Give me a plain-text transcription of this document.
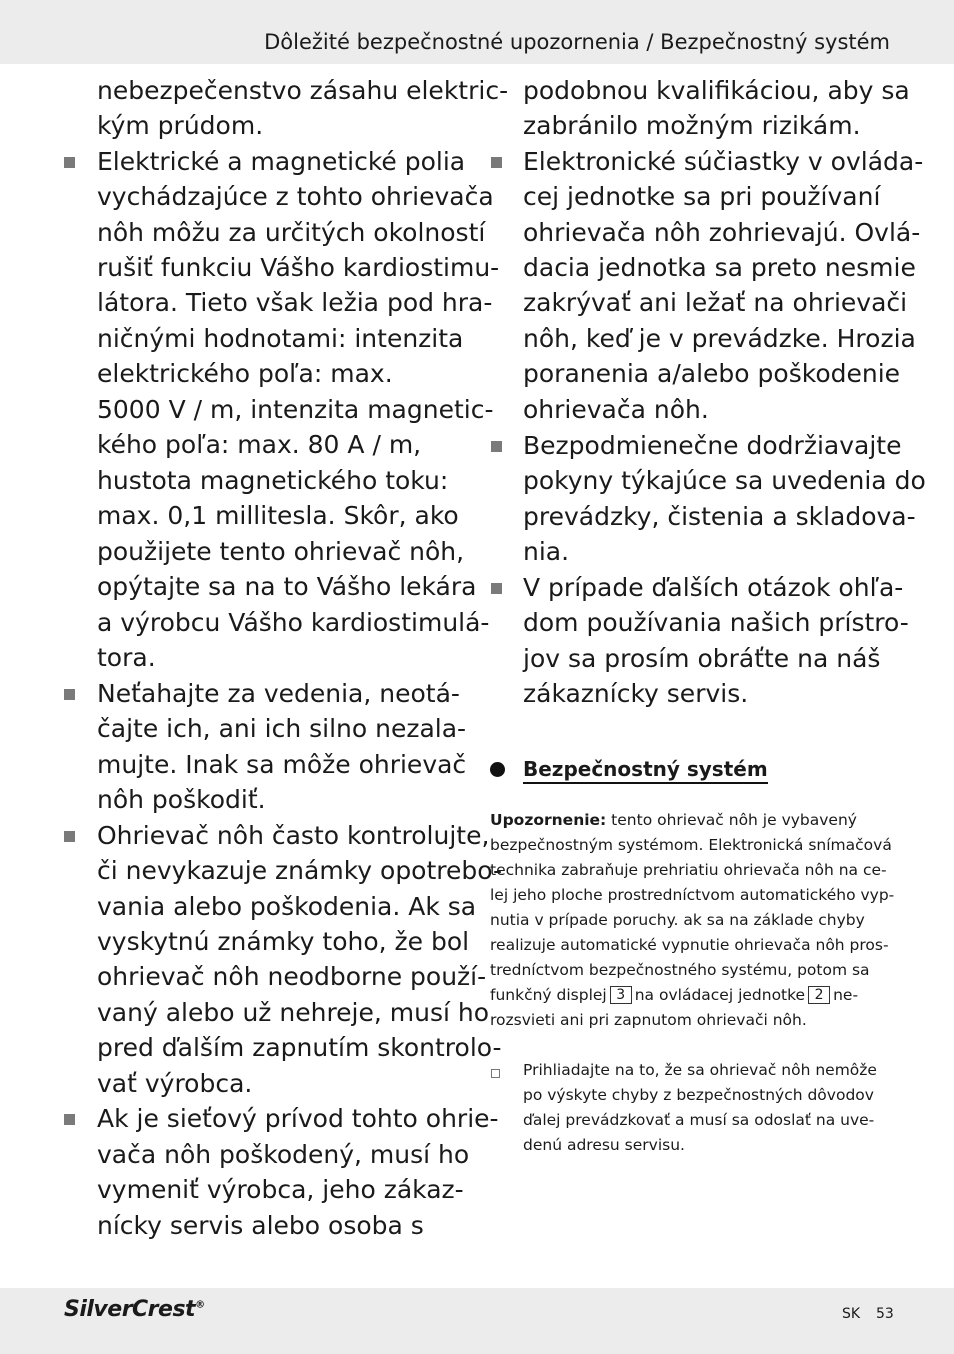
Dôležité bezpečnostné upozornenia / Bezpečnostný systém
nebezpečenstvo zásahu elektric-
kým prúdom.
Elektrické a magnetické polia
vychádzajúce z tohto ohrievača
nôh môžu za určitých okolností
rušiť funkciu Vášho kardiostimu-
látora. Tieto však ležia pod hra-
ničnými hodnotami: intenzita
elektrického poľa: max.
5000 V / m, intenzita magnetic-
kého poľa: max. 80 A / m,
hustota magnetického toku:
max. 0,1 millitesla. Skôr, ako
použijete tento ohrievač nôh,
opýtajte sa na to Vášho lekára
a výrobcu Vášho kardiostimulá-
tora.
Neťahajte za vedenia, neotá-
čajte ich, ani ich silno nezala-
mujte. Inak sa môže ohrievač
nôh poškodiť.
Ohrievač nôh často kontrolujte,
či nevykazuje známky opotrebo-
vania alebo poškodenia. Ak sa
vyskytnú známky toho, že bol
ohrievač nôh neodborne použí-
vaný alebo už nehreje, musí ho
pred ďalším zapnutím skontrolo-
vať výrobca.
Ak je sieťový prívod tohto ohrie-
vača nôh poškodený, musí ho
vymeniť výrobca, jeho zákaz-
nícky servis alebo osoba s
podobnou kvalifikáciou, aby sa
zabránilo možným rizikám.
Elektronické súčiastky v ovláda-
cej jednotke sa pri používaní
ohrievača nôh zohrievajú. Ovlá-
dacia jednotka sa preto nesmie
zakrývať ani ležať na ohrievači
nôh, keď je v prevádzke. Hrozia
poranenia a/alebo poškodenie
ohrievača nôh.
Bezpodmienečne dodržiavajte
pokyny týkajúce sa uvedenia do
prevádzky, čistenia a skladova-
nia.
V prípade ďalších otázok ohľa-
dom používania našich prístro-
jov sa prosím obráťte na náš
zákaznícky servis.
Bezpečnostný systém
Upozornenie: tento ohrievač nôh je vybavený
bezpečnostným systémom. Elektronická snímačová
technika zabraňuje prehriatiu ohrievača nôh na ce-
lej jeho ploche prostredníctvom automatického vyp-
nutia v prípade poruchy. ak sa na základe chyby
realizuje automatické vypnutie ohrievača nôh pros-
tredníctvom bezpečnostného systému, potom sa
funkčný displej 3 na ovládacej jednotke 2 ne-
rozsvieti ani pri zapnutom ohrievači nôh.
Prihliadajte na to, že sa ohrievač nôh nemôže
po výskyte chyby z bezpečnostných dôvodov
ďalej prevádzkovať a musí sa odoslať na uve-
denú adresu servisu.
SilverCrest®
SK 53
